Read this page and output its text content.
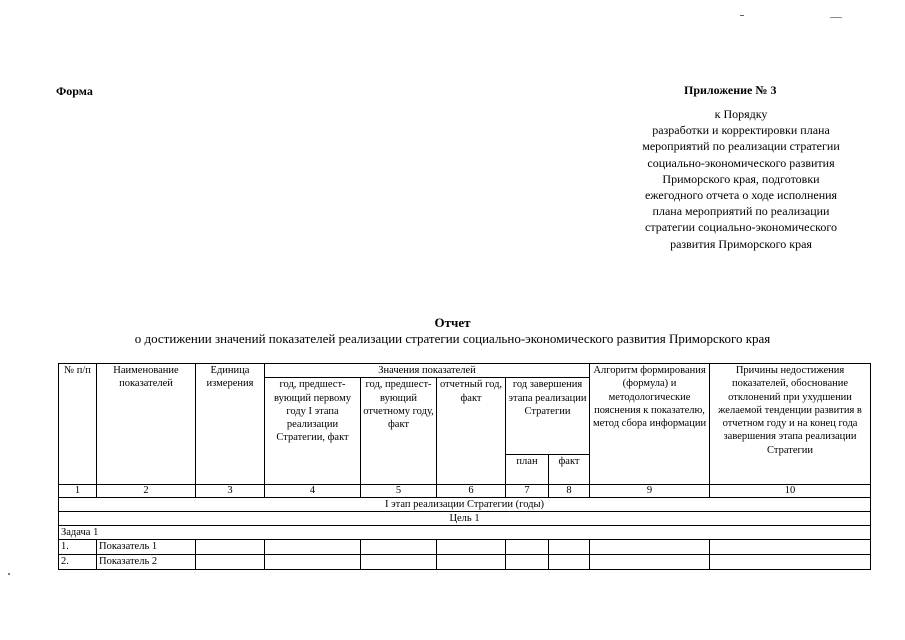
Форма	Приложение № 3
к Порядку
разработки и корректировки плана
мероприятий по реализации стратегии
социально-экономического развития
Приморского края, подготовки
ежегодного отчета о ходе исполнения
плана мероприятий по реализации
стратегии социально-экономического
развития Приморского края
Отчет
о достижении значений показателей реализации стратегии социально-экономического развития Приморского края
№ п/п	Наименование показателей	Единица измерения	Значения показателей					Алгоритм формирования (формула) и методологические пояснения к показателю, метод сбора информации	Причины недостижения показателей, обоснование отклонений при ухудшении желаемой тенденции развития в отчетном году и на конец года завершения этапа реализации Стратегии
			год, предшест-вующий первому году I этапа реализации Стратегии, факт	год, предшест-вующий отчетному году, факт	отчетный год, факт	год завершения этапа реализации Стратегии			
						план	факт		
1	2	3	4	5	6	7	8	9	10
I этап реализации Стратегии (годы)									
Цель 1									
Задача 1									
1.	Показатель 1								
2.	Показатель 2								
